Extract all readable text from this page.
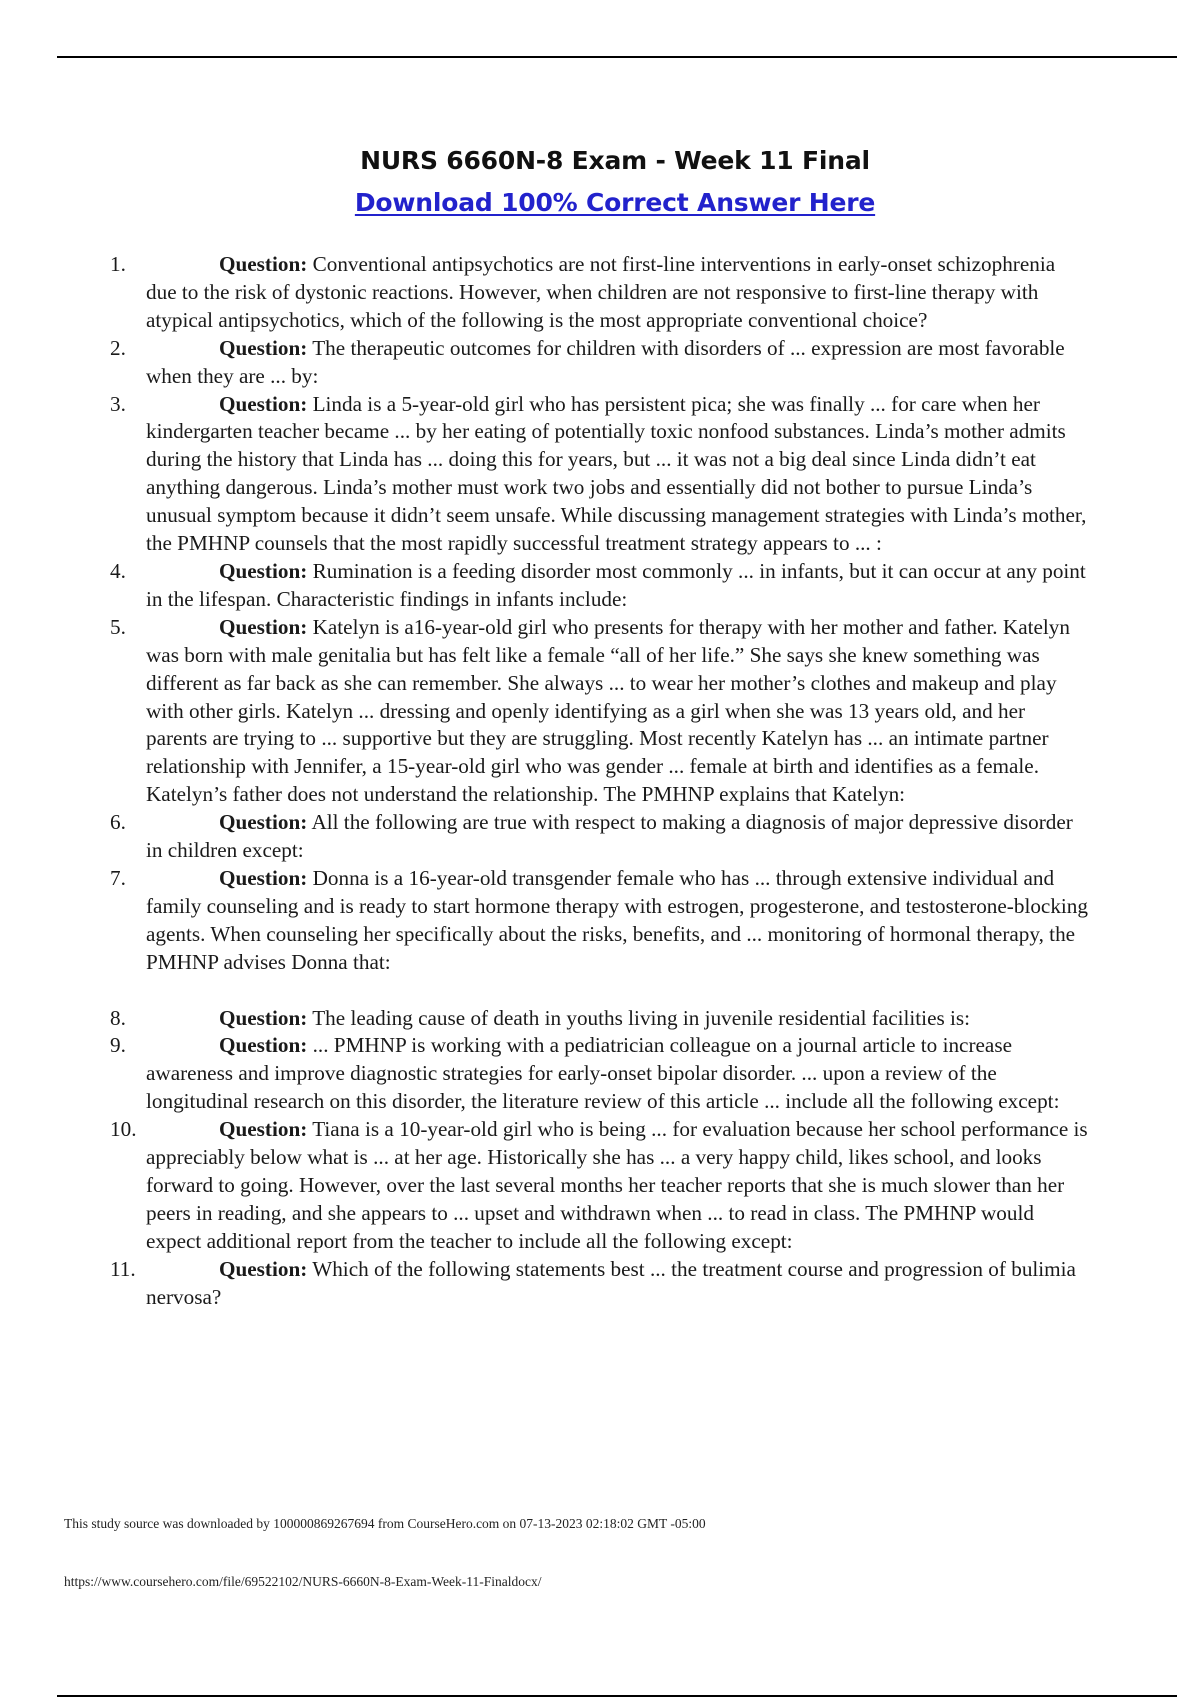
NURS 6660N-8 Exam - Week 11 Final
Download 100% Correct Answer Here
1.	Question: Conventional antipsychotics are not first-line interventions in early-onset schizophrenia due to the risk of dystonic reactions. However, when children are not responsive to first-line therapy with atypical antipsychotics, which of the following is the most appropriate conventional choice?
2.	Question: The therapeutic outcomes for children with disorders of ... expression are most favorable when they are ... by:
3.	Question: Linda is a 5-year-old girl who has persistent pica; she was finally ... for care when her kindergarten teacher became ... by her eating of potentially toxic nonfood substances. Linda’s mother admits during the history that Linda has ... doing this for years, but ... it was not a big deal since Linda didn’t eat anything dangerous. Linda’s mother must work two jobs and essentially did not bother to pursue Linda’s unusual symptom because it didn’t seem unsafe. While discussing management strategies with Linda’s mother, the PMHNP counsels that the most rapidly successful treatment strategy appears to ... :
4.	Question: Rumination is a feeding disorder most commonly ... in infants, but it can occur at any point in the lifespan. Characteristic findings in infants include:
5.	Question: Katelyn is a16-year-old girl who presents for therapy with her mother and father. Katelyn was born with male genitalia but has felt like a female “all of her life.” She says she knew something was different as far back as she can remember. She always ... to wear her mother’s clothes and makeup and play with other girls. Katelyn ... dressing and openly identifying as a girl when she was 13 years old, and her parents are trying to ... supportive but they are struggling. Most recently Katelyn has ... an intimate partner relationship with Jennifer, a 15-year-old girl who was gender ... female at birth and identifies as a female. Katelyn’s father does not understand the relationship. The PMHNP explains that Katelyn:
6.	Question: All the following are true with respect to making a diagnosis of major depressive disorder in children except:
7.	Question: Donna is a 16-year-old transgender female who has ... through extensive individual and family counseling and is ready to start hormone therapy with estrogen, progesterone, and testosterone-blocking agents. When counseling her specifically about the risks, benefits, and ... monitoring of hormonal therapy, the PMHNP advises Donna that:
8.	Question: The leading cause of death in youths living in juvenile residential facilities is:
9.	Question: ... PMHNP is working with a pediatrician colleague on a journal article to increase awareness and improve diagnostic strategies for early-onset bipolar disorder. ... upon a review of the longitudinal research on this disorder, the literature review of this article ... include all the following except:
10.	Question: Tiana is a 10-year-old girl who is being ... for evaluation because her school performance is appreciably below what is ... at her age. Historically she has ... a very happy child, likes school, and looks forward to going. However, over the last several months her teacher reports that she is much slower than her peers in reading, and she appears to ... upset and withdrawn when ... to read in class. The PMHNP would expect additional report from the teacher to include all the following except:
11.	Question: Which of the following statements best ... the treatment course and progression of bulimia nervosa?
This study source was downloaded by 100000869267694 from CourseHero.com on 07-13-2023 02:18:02 GMT -05:00
https://www.coursehero.com/file/69522102/NURS-6660N-8-Exam-Week-11-Finaldocx/
